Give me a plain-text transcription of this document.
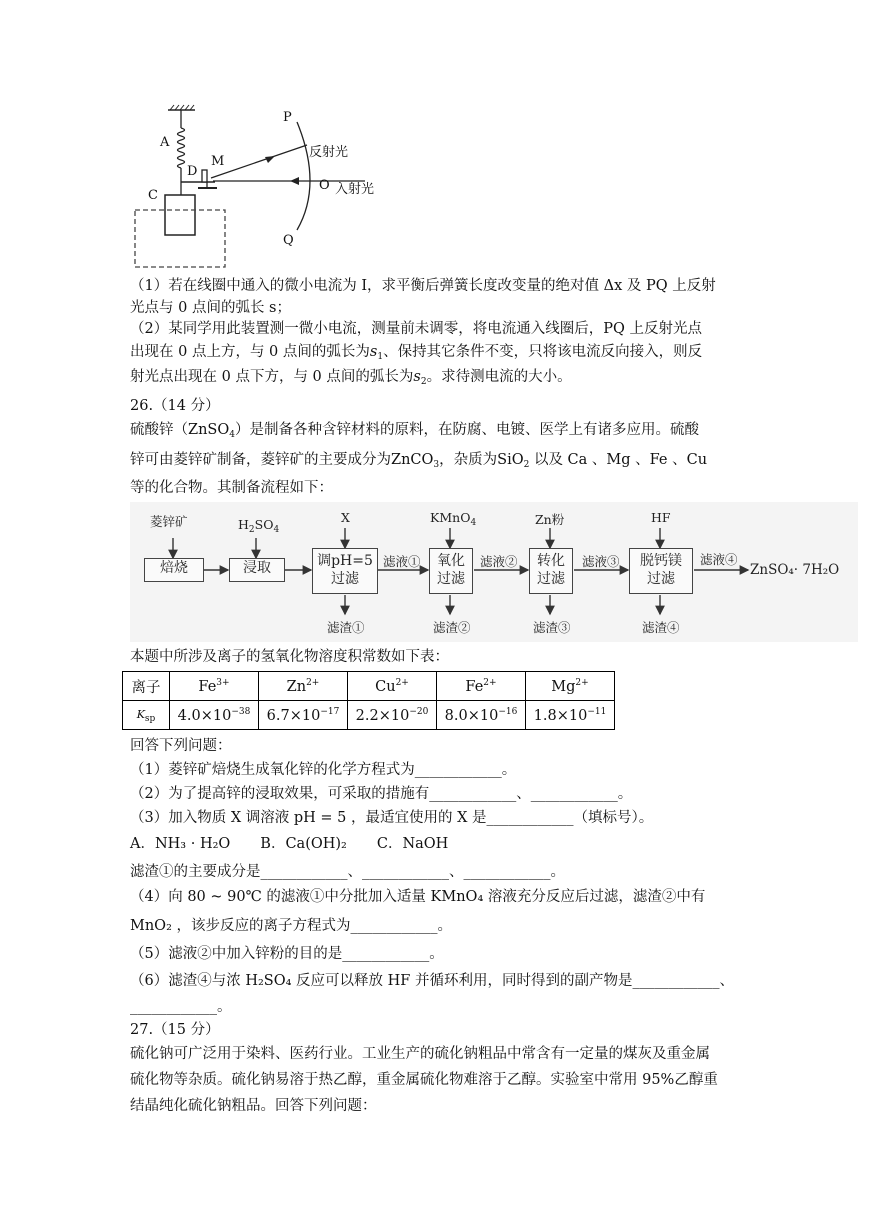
A
D
M
C
P
O
Q
反射光
入射光
（1）若在线圈中通入的微小电流为 I，求平衡后弹簧长度改变量的绝对值 Δx 及 PQ 上反射
光点与 0 点间的弧长 s；
（2）某同学用此装置测一微小电流，测量前未调零，将电流通入线圈后，PQ 上反射光点
出现在 0 点上方，与 0 点间的弧长为$s_1$、保持其它条件不变，只将该电流反向接入，则反
射光点出现在 0 点下方，与 0 点间的弧长为$s_2$。求待测电流的大小。
26.（14 分）
硫酸锌（ZnSO$_4$）是制备各种含锌材料的原料，在防腐、电镀、医学上有诸多应用。硫酸
锌可由菱锌矿制备，菱锌矿的主要成分为ZnCO$_3$，杂质为SiO$_2$ 以及 Ca 、Mg 、Fe 、Cu
等的化合物。其制备流程如下：
菱锌矿
焙烧
$H_2SO_4$
浸取
X
调pH=5
过滤
滤液①
滤渣①
KMnO$_4$
氧化
过滤
滤液②
滤渣②
Zn粉
转化
过滤
滤液③
滤渣③
HF
脱钙镁
过滤
滤液④
滤渣④
ZnSO₄· 7H₂O
本题中所涉及离子的氢氧化物溶度积常数如下表：
离子	$Fe^{3+}$	$Zn^{2+}$	$Cu^{2+}$	$Fe^{2+}$	$Mg^{2+}$
$K_{sp}$	$4.0\times 10^{-38}$	$6.7\times 10^{-17}$	$2.2\times 10^{-20}$	$8.0\times 10^{-16}$	$1.8\times 10^{-11}$
回答下列问题：
（1）菱锌矿焙烧生成氧化锌的化学方程式为____________。
（2）为了提高锌的浸取效果，可采取的措施有____________、____________。
（3）加入物质 X 调溶液 pH = 5 ，最适宜使用的 X 是____________（填标号）。
A．NH₃ · H₂O B．Ca(OH)₂ C．NaOH
滤渣①的主要成分是____________、____________、____________。
（4）向 80 ~ 90℃ 的滤液①中分批加入适量 KMnO₄ 溶液充分反应后过滤，滤渣②中有
MnO₂ ，该步反应的离子方程式为____________。
（5）滤液②中加入锌粉的目的是____________。
（6）滤渣④与浓 H₂SO₄ 反应可以释放 HF 并循环利用，同时得到的副产物是____________、
____________。
27.（15 分）
硫化钠可广泛用于染料、医药行业。工业生产的硫化钠粗品中常含有一定量的煤灰及重金属
硫化物等杂质。硫化钠易溶于热乙醇，重金属硫化物难溶于乙醇。实验室中常用 95%乙醇重
结晶纯化硫化钠粗品。回答下列问题：
